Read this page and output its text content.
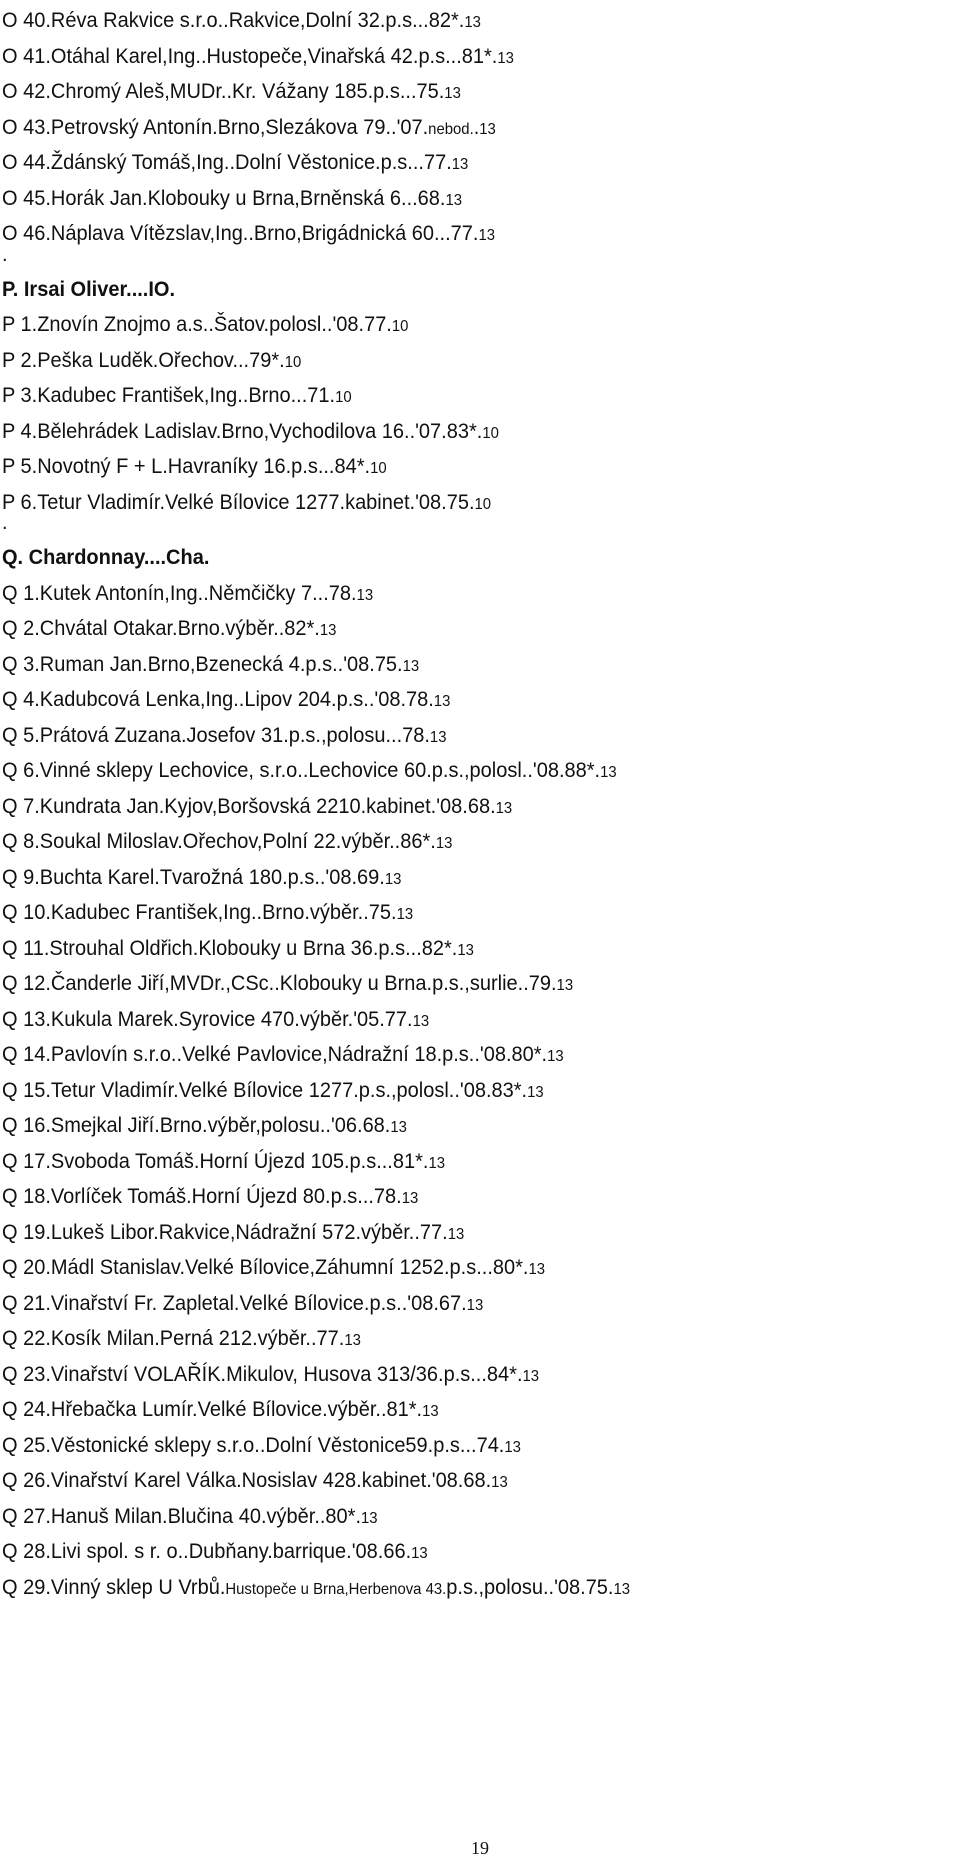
O 40.Réva Rakvice s.r.o..Rakvice,Dolní 32.p.s...82*.13
O 41.Otáhal Karel,Ing..Hustopeče,Vinařská 42.p.s...81*.13
O 42.Chromý Aleš,MUDr..Kr. Vážany 185.p.s...75.13
O 43.Petrovský Antonín.Brno,Slezákova 79..'07.nebod..13
O 44.Ždánský Tomáš,Ing..Dolní Věstonice.p.s...77.13
O 45.Horák Jan.Klobouky u Brna,Brněnská 6...68.13
O 46.Náplava Vítězslav,Ing..Brno,Brigádnická 60...77.13
.
P. Irsai Oliver....IO.
P 1.Znovín Znojmo a.s..Šatov.polosl..'08.77.10
P 2.Peška Luděk.Ořechov...79*.10
P 3.Kadubec František,Ing..Brno...71.10
P 4.Bělehrádek Ladislav.Brno,Vychodilova 16..'07.83*.10
P 5.Novotný F + L.Havraníky 16.p.s...84*.10
P 6.Tetur Vladimír.Velké Bílovice 1277.kabinet.'08.75.10
.
Q. Chardonnay....Cha.
Q 1.Kutek Antonín,Ing..Němčičky 7...78.13
Q 2.Chvátal Otakar.Brno.výběr..82*.13
Q 3.Ruman Jan.Brno,Bzenecká 4.p.s..'08.75.13
Q 4.Kadubcová Lenka,Ing..Lipov 204.p.s..'08.78.13
Q 5.Prátová Zuzana.Josefov 31.p.s.,polosu...78.13
Q 6.Vinné sklepy Lechovice, s.r.o..Lechovice 60.p.s.,polosl..'08.88*.13
Q 7.Kundrata Jan.Kyjov,Boršovská 2210.kabinet.'08.68.13
Q 8.Soukal Miloslav.Ořechov,Polní 22.výběr..86*.13
Q 9.Buchta Karel.Tvarožná 180.p.s..'08.69.13
Q 10.Kadubec František,Ing..Brno.výběr..75.13
Q 11.Strouhal Oldřich.Klobouky u Brna 36.p.s...82*.13
Q 12.Čanderle Jiří,MVDr.,CSc..Klobouky u Brna.p.s.,surlie..79.13
Q 13.Kukula Marek.Syrovice 470.výběr.'05.77.13
Q 14.Pavlovín s.r.o..Velké Pavlovice,Nádražní 18.p.s..'08.80*.13
Q 15.Tetur Vladimír.Velké Bílovice 1277.p.s.,polosl..'08.83*.13
Q 16.Smejkal Jiří.Brno.výběr,polosu..'06.68.13
Q 17.Svoboda Tomáš.Horní Újezd 105.p.s...81*.13
Q 18.Vorlíček Tomáš.Horní Újezd 80.p.s...78.13
Q 19.Lukeš Libor.Rakvice,Nádražní 572.výběr..77.13
Q 20.Mádl Stanislav.Velké Bílovice,Záhumní 1252.p.s...80*.13
Q 21.Vinařství Fr. Zapletal.Velké Bílovice.p.s..'08.67.13
Q 22.Kosík Milan.Perná 212.výběr..77.13
Q 23.Vinařství VOLAŘÍK.Mikulov, Husova 313/36.p.s...84*.13
Q 24.Hřebačka Lumír.Velké Bílovice.výběr..81*.13
Q 25.Věstonické sklepy s.r.o..Dolní Věstonice59.p.s...74.13
Q 26.Vinařství Karel Válka.Nosislav 428.kabinet.'08.68.13
Q 27.Hanuš Milan.Blučina 40.výběr..80*.13
Q 28.Livi spol. s r. o..Dubňany.barrique.'08.66.13
Q 29.Vinný sklep U Vrbů.Hustopeče u Brna,Herbenova 43.p.s.,polosu..'08.75.13
19
